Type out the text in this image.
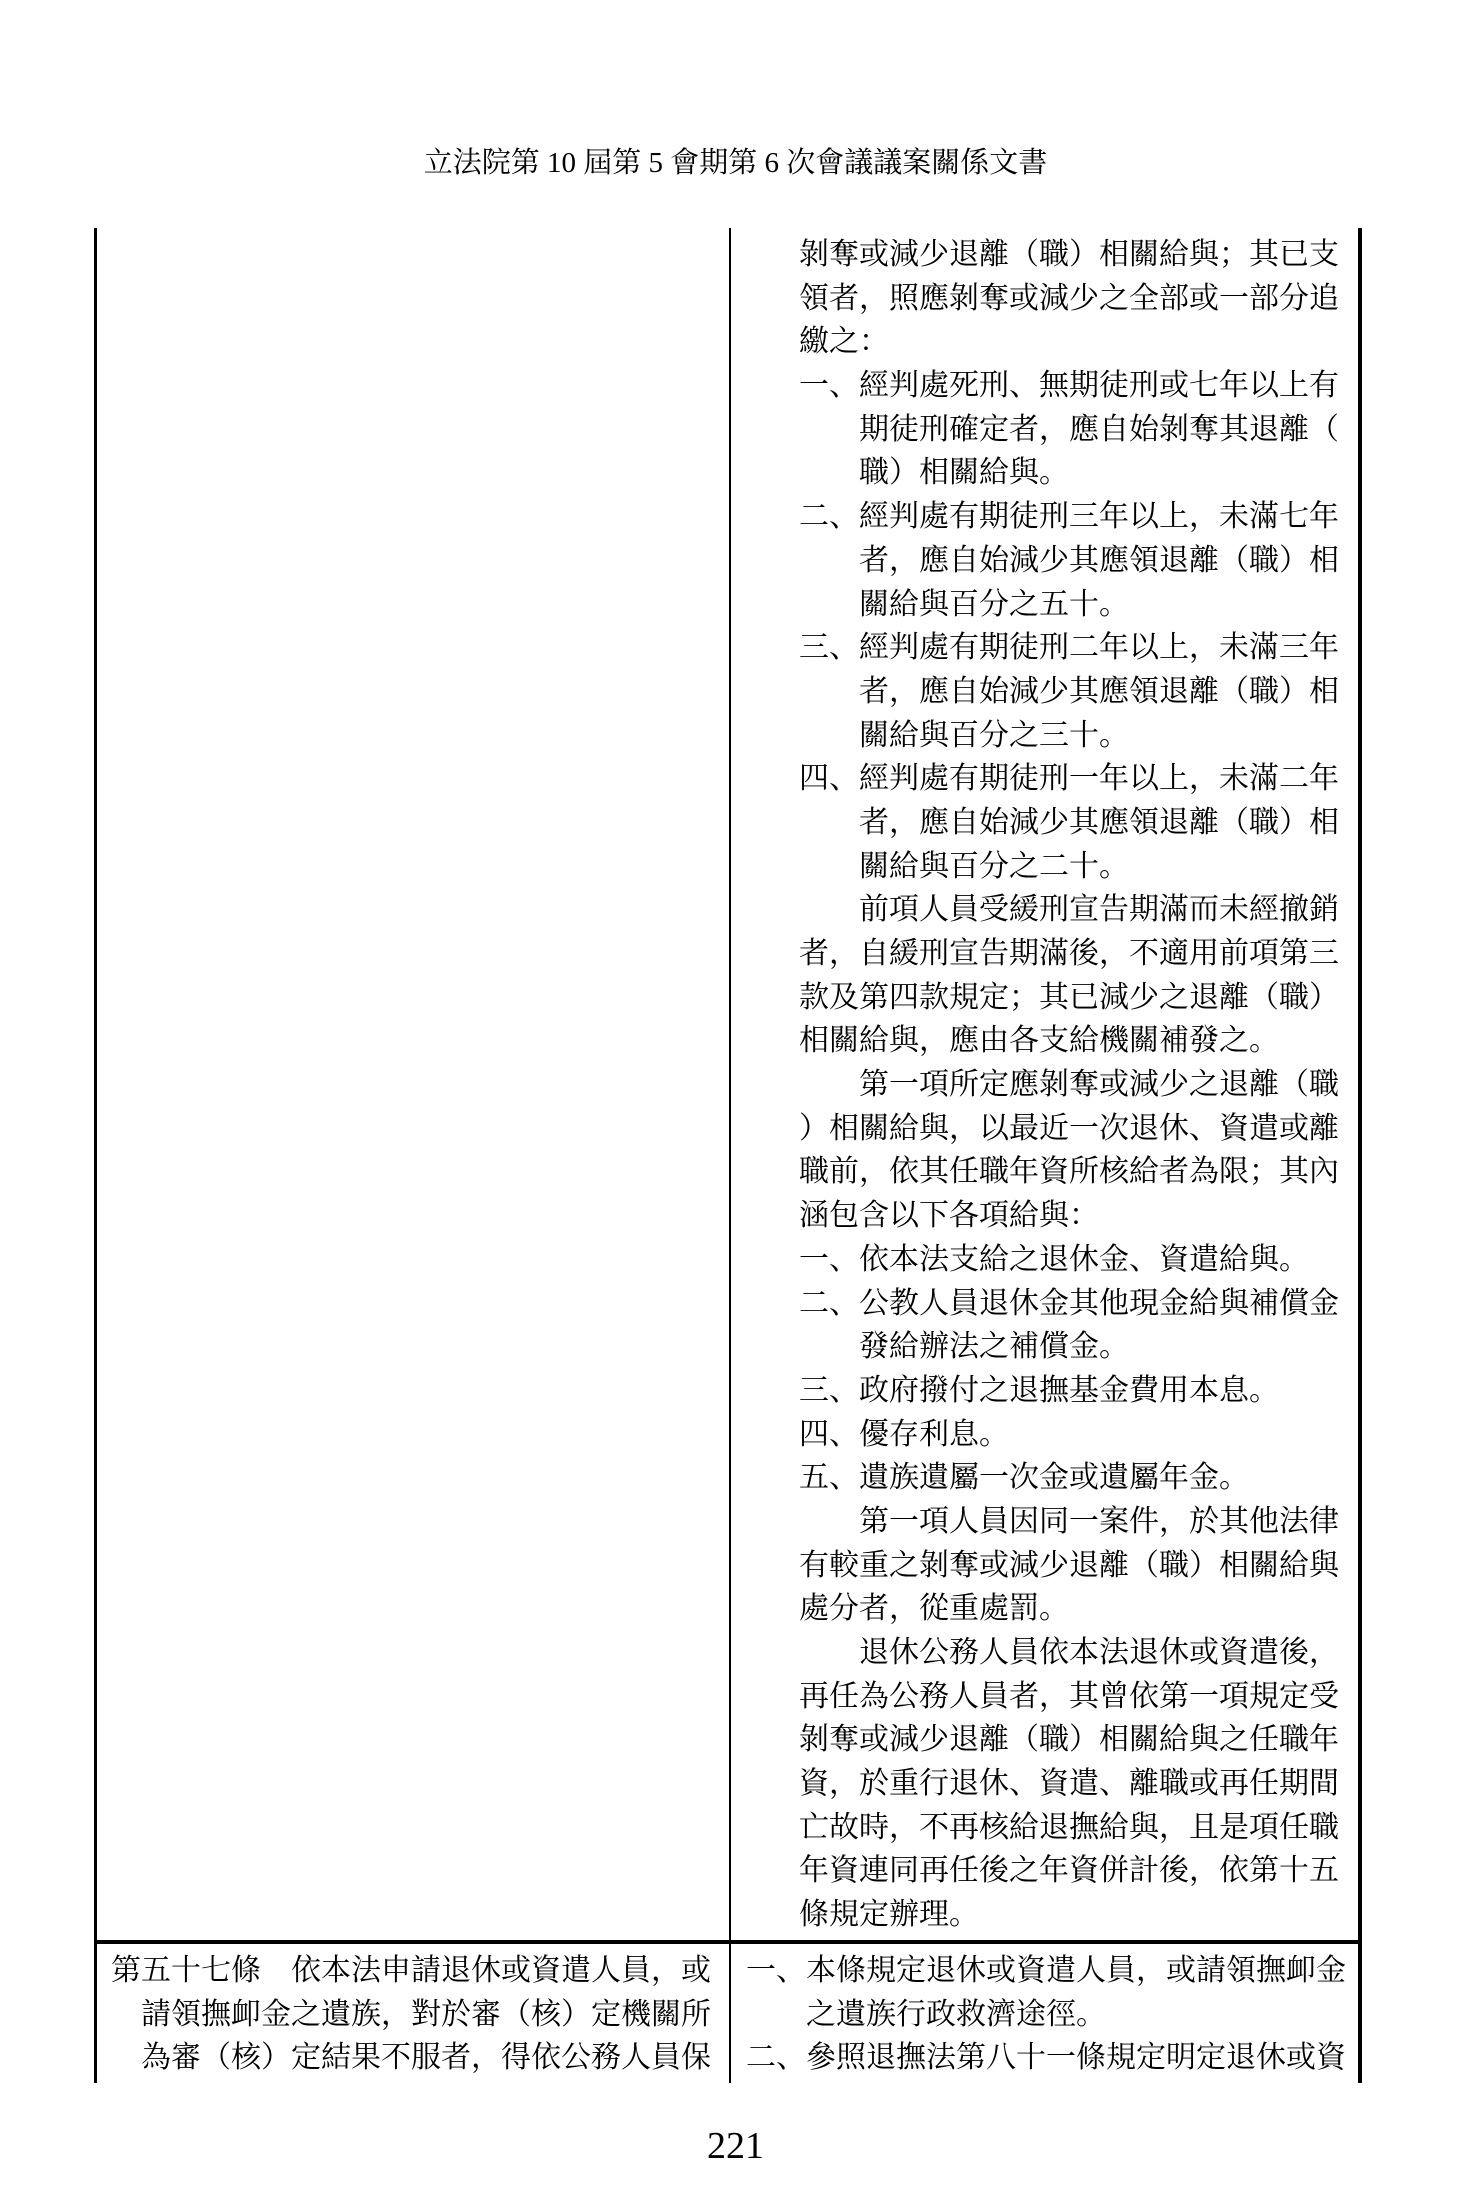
立法院第 10 屆第 5 會期第 6 次會議議案關係文書
剝奪或減少退離（職）相關給與；其已支
領者，照應剝奪或減少之全部或一部分追
繳之：
一、經判處死刑、無期徒刑或七年以上有
　　期徒刑確定者，應自始剝奪其退離（
　　職）相關給與。
二、經判處有期徒刑三年以上，未滿七年
　　者，應自始減少其應領退離（職）相
　　關給與百分之五十。
三、經判處有期徒刑二年以上，未滿三年
　　者，應自始減少其應領退離（職）相
　　關給與百分之三十。
四、經判處有期徒刑一年以上，未滿二年
　　者，應自始減少其應領退離（職）相
　　關給與百分之二十。
　　前項人員受緩刑宣告期滿而未經撤銷
者，自緩刑宣告期滿後，不適用前項第三
款及第四款規定；其已減少之退離（職）
相關給與，應由各支給機關補發之。
　　第一項所定應剝奪或減少之退離（職
）相關給與，以最近一次退休、資遣或離
職前，依其任職年資所核給者為限；其內
涵包含以下各項給與：
一、依本法支給之退休金、資遣給與。
二、公教人員退休金其他現金給與補償金
　　發給辦法之補償金。
三、政府撥付之退撫基金費用本息。
四、優存利息。
五、遺族遺屬一次金或遺屬年金。
　　第一項人員因同一案件，於其他法律
有較重之剝奪或減少退離（職）相關給與
處分者，從重處罰。
　　退休公務人員依本法退休或資遣後，
再任為公務人員者，其曾依第一項規定受
剝奪或減少退離（職）相關給與之任職年
資，於重行退休、資遣、離職或再任期間
亡故時，不再核給退撫給與，且是項任職
年資連同再任後之年資併計後，依第十五
條規定辦理。
第五十七條　依本法申請退休或資遣人員，或
　請領撫卹金之遺族，對於審（核）定機關所
　為審（核）定結果不服者，得依公務人員保
一、本條規定退休或資遣人員，或請領撫卹金
　　之遺族行政救濟途徑。
二、參照退撫法第八十一條規定明定退休或資
221
